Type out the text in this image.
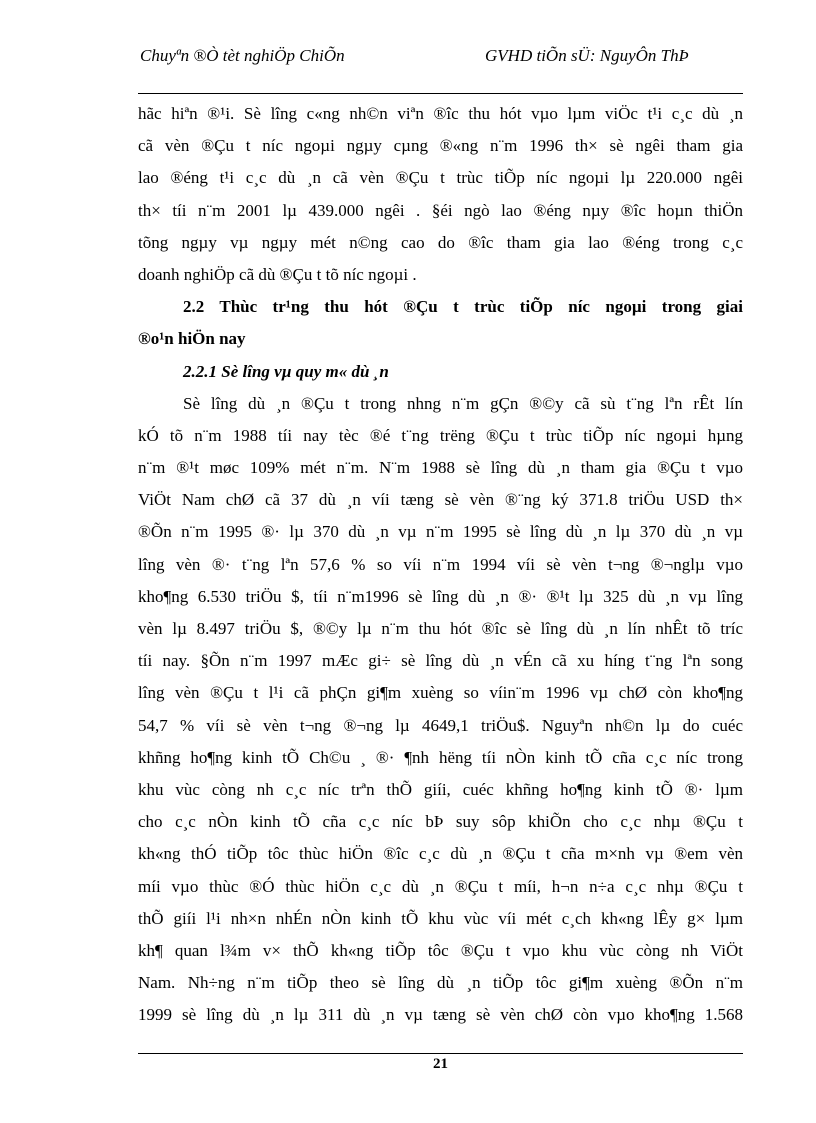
Chuyªn ®Ò tèt nghiÖp ChiÕn	GVHD tiÕn sÜ: NguyÔn ThÞ
hãc hiªn ®¹i. Sè lîng c«ng nh©n viªn ®îc thu hót vµo lµm viÖc t¹i c¸c dù ¸n
cã vèn ®Çu t níc ngoµi ngµy cµng ®«ng n¨m 1996 th× sè ngêi tham gia
lao ®éng t¹i c¸c dù ¸n cã vèn ®Çu t trùc tiÕp níc ngoµi lµ 220.000 ngêi
th× tíi n¨m 2001 lµ 439.000 ngêi . §éi ngò lao ®éng nµy ®îc hoµn thiÖn
tõng ngµy vµ ngµy mét n©ng cao do ®îc tham gia lao ®éng trong c¸c
doanh nghiÖp cã dù ®Çu t tõ níc ngoµi .
2.2 Thùc tr¹ng thu hót ®Çu t trùc tiÕp níc ngoµi trong giai
®o¹n hiÖn nay
2.2.1 Sè lîng vµ quy m« dù ¸n
Sè lîng dù ¸n ®Çu t trong nhng n¨m gÇn ®©y cã sù t¨ng lªn rÊt lín
kÓ tõ n¨m 1988 tíi nay tèc ®é t¨ng trëng ®Çu t trùc tiÕp níc ngoµi hµng
n¨m ®¹t møc 109% mét n¨m. N¨m 1988 sè lîng dù ¸n tham gia ®Çu t vµo
ViÖt Nam chØ cã 37 dù ¸n víi tæng sè vèn ®¨ng ký 371.8 triÖu USD th×
®Õn n¨m 1995 ®· lµ 370 dù ¸n vµ n¨m 1995 sè lîng dù ¸n lµ 370 dù ¸n vµ
lîng vèn ®· t¨ng lªn 57,6 % so víi n¨m 1994 víi sè vèn t¬ng ®¬nglµ vµo
kho¶ng 6.530 triÖu $, tíi n¨m1996 sè lîng dù ¸n ®· ®¹t lµ 325 dù ¸n vµ lîng
vèn lµ 8.497 triÖu $, ®©y lµ n¨m thu hót ®îc sè lîng dù ¸n lín nhÊt tõ tríc
tíi nay. §Õn n¨m 1997 mÆc gi÷ sè lîng dù ¸n vÉn cã xu híng t¨ng lªn song
lîng vèn ®Çu t l¹i cã phÇn gi¶m xuèng so víin¨m 1996 vµ chØ còn kho¶ng
54,7 % víi sè vèn t¬ng ®¬ng lµ 4649,1 triÖu$. Nguyªn nh©n lµ do cuéc
khñng ho¶ng kinh tÕ Ch©u ¸ ®· ¶nh hëng tíi nÒn kinh tÕ cña c¸c níc trong
khu vùc còng nh c¸c níc trªn thÕ giíi, cuéc khñng ho¶ng kinh tÕ ®· lµm
cho c¸c nÒn kinh tÕ cña c¸c níc bÞ suy sôp khiÕn cho c¸c nhµ ®Çu t
kh«ng thÓ tiÕp tôc thùc hiÖn ®îc c¸c dù ¸n ®Çu t cña m×nh vµ ®em vèn
míi vµo thùc ®Ó thùc hiÖn c¸c dù ¸n ®Çu t míi, h¬n n÷a c¸c nhµ ®Çu t
thÕ giíi l¹i nh×n nhÉn nÒn kinh tÕ khu vùc víi mét c¸ch kh«ng lÊy g× lµm
kh¶ quan l¾m v× thÕ kh«ng tiÕp tôc ®Çu t vµo khu vùc còng nh ViÖt
Nam. Nh÷ng n¨m tiÕp theo sè lîng dù ¸n tiÕp tôc gi¶m xuèng ®Õn n¨m
1999 sè lîng dù ¸n lµ 311 dù ¸n vµ tæng sè vèn chØ còn vµo kho¶ng 1.568
21
